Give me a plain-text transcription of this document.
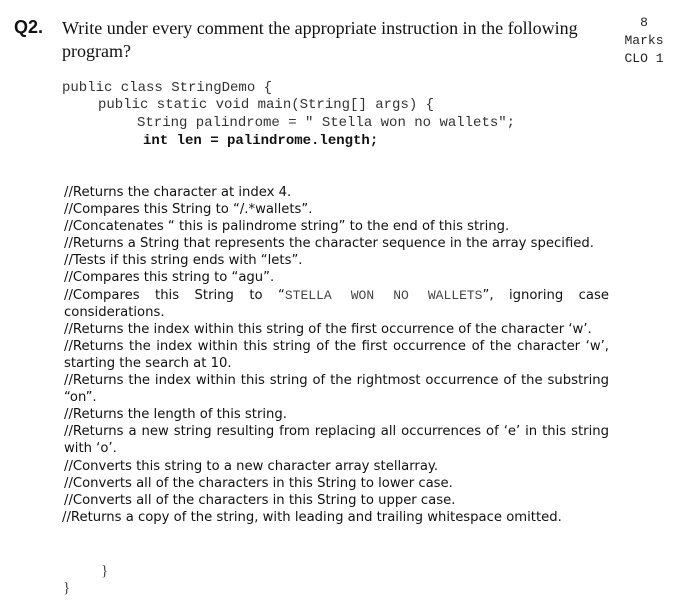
Q2. Write under every comment the appropriate instruction in the following program?
8
Marks
CLO 1
public class StringDemo {
public static void main(String[] args) {
String palindrome = " Stella won no wallets";
int len = palindrome.length;
//Returns the character at index 4.
//Compares this String to “/.*wallets”.
//Concatenates “ this is palindrome string” to the end of this string.
//Returns a String that represents the character sequence in the array specified.
//Tests if this string ends with “lets”.
//Compares this string to “agu”.
//Compares this String to “STELLA WON NO WALLETS”, ignoring case considerations.
//Returns the index within this string of the first occurrence of the character ‘w’.
//Returns the index within this string of the first occurrence of the character ‘w’, starting the search at 10.
//Returns the index within this string of the rightmost occurrence of the substring “on”.
//Returns the length of this string.
//Returns a new string resulting from replacing all occurrences of ‘e’ in this string with ‘o’.
//Converts this string to a new character array stellarray.
//Converts all of the characters in this String to lower case.
//Converts all of the characters in this String to upper case.
//Returns a copy of the string, with leading and trailing whitespace omitted.
}
}
